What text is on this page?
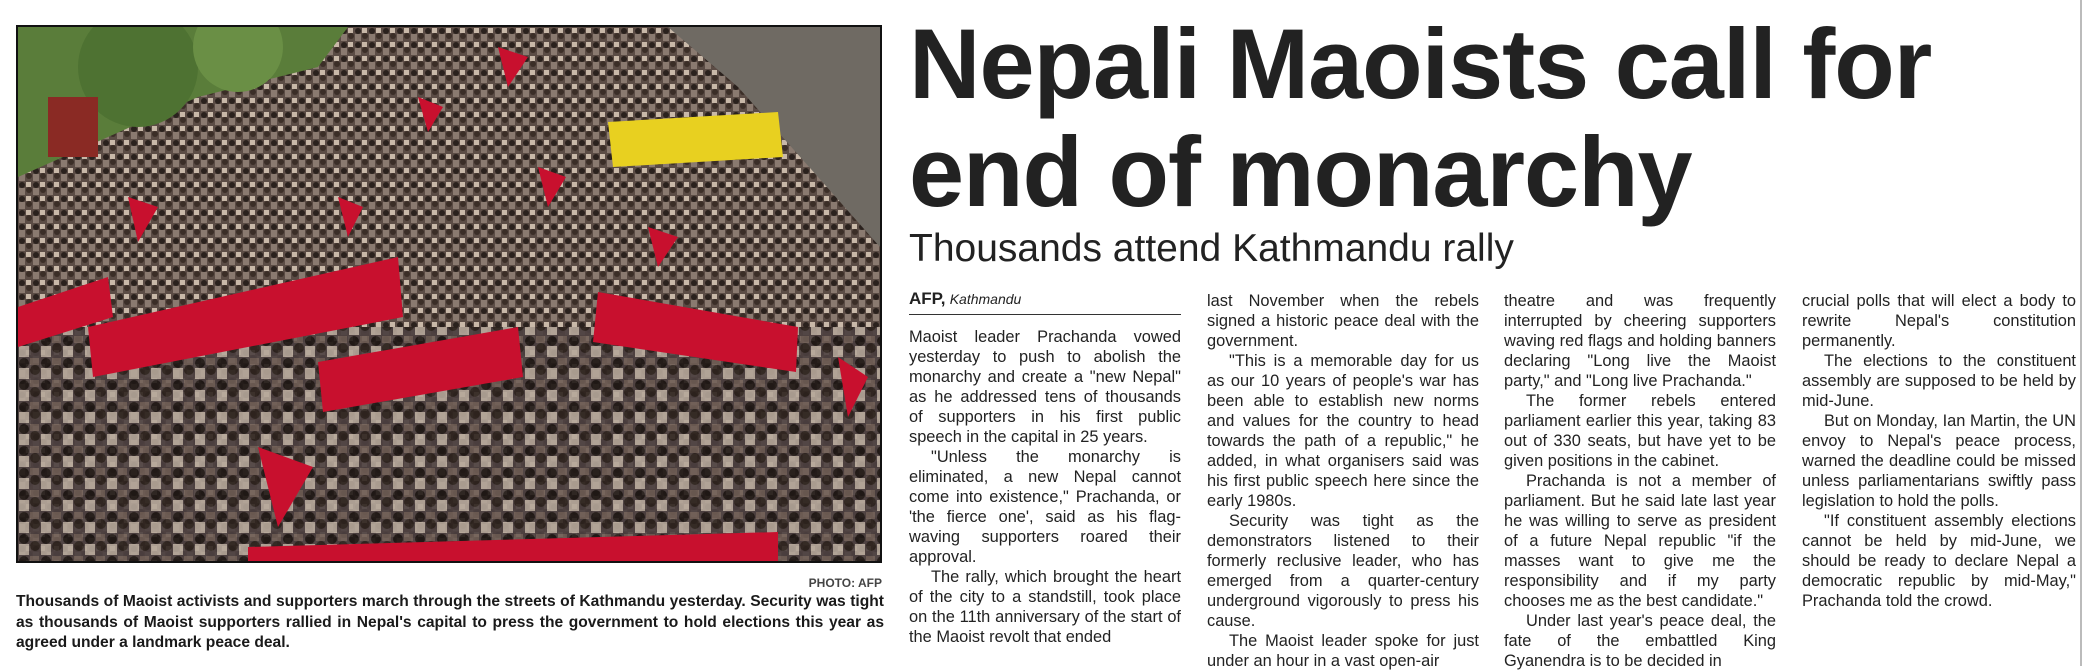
PHOTO: AFP
Thousands of Maoist activists and supporters march through the streets of Kathmandu yesterday. Security was tight as thousands of Maoist supporters rallied in Nepal's capital to press the government to hold elections this year as agreed under a landmark peace deal.
Nepali Maoists call for end of monarchy
Thousands attend Kathmandu rally
AFP, Kathmandu

Maoist leader Prachanda vowed yesterday to push to abolish the monarchy and create a "new Nepal" as he addressed tens of thousands of supporters in his first public speech in the capital in 25 years.

"Unless the monarchy is eliminated, a new Nepal cannot come into existence," Prachanda, or 'the fierce one', said as his flag-waving supporters roared their approval.

The rally, which brought the heart of the city to a standstill, took place on the 11th anniversary of the start of the Maoist revolt that ended

last November when the rebels signed a historic peace deal with the government.

"This is a memorable day for us as our 10 years of people's war has been able to establish new norms and values for the country to head towards the path of a republic," he added, in what organisers said was his first public speech here since the early 1980s.

Security was tight as the demonstrators listened to their formerly reclusive leader, who has emerged from a quarter-century underground vigorously to press his cause.

The Maoist leader spoke for just under an hour in a vast open-air

theatre and was frequently interrupted by cheering supporters waving red flags and holding banners declaring "Long live the Maoist party," and "Long live Prachanda."

The former rebels entered parliament earlier this year, taking 83 out of 330 seats, but have yet to be given positions in the cabinet.

Prachanda is not a member of parliament. But he said late last year he was willing to serve as president of a future Nepal republic "if the masses want to give me the responsibility and if my party chooses me as the best candidate."

Under last year's peace deal, the fate of the embattled King Gyanendra is to be decided in

crucial polls that will elect a body to rewrite Nepal's constitution permanently.

The elections to the constituent assembly are supposed to be held by mid-June.

But on Monday, Ian Martin, the UN envoy to Nepal's peace process, warned the deadline could be missed unless parliamentarians swiftly pass legislation to hold the polls.

"If constituent assembly elections cannot be held by mid-June, we should be ready to declare Nepal a democratic republic by mid-May," Prachanda told the crowd.
